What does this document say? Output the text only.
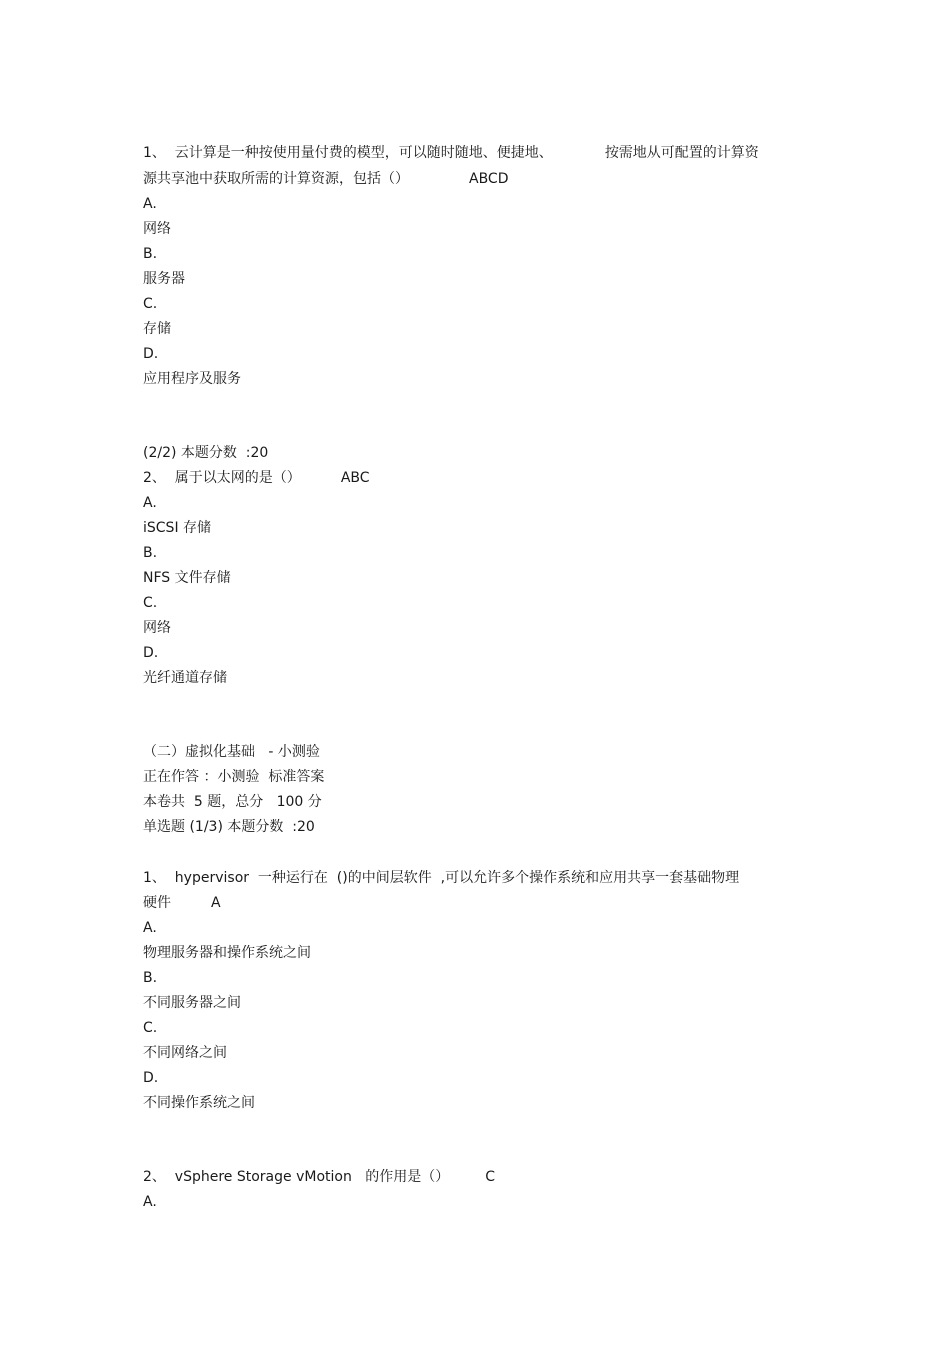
1、  云计算是一种按使用量付费的模型，可以随时随地、便捷地、	按需地从可配置的计算资
源共享池中获取所需的计算资源，包括（）	ABCD
A.
网络
B.
服务器
C.
存储
D.
应用程序及服务
(2/2) 本题分数  :20
2、  属于以太网的是（）	ABC
A.
iSCSI 存储
B.
NFS 文件存储
C.
网络
D.
光纤通道存储
（二）虚拟化基础   - 小测验
正在作答 ：小测验  标准答案
本卷共  5 题，总分   100 分
单选题 (1/3) 本题分数  :20
1、  hypervisor  一种运行在  ()的中间层软件  ,可以允许多个操作系统和应用共享一套基础物理
硬件	A
A.
物理服务器和操作系统之间
B.
不同服务器之间
C.
不同网络之间
D.
不同操作系统之间
2、  vSphere Storage vMotion   的作用是（）	C
A.
